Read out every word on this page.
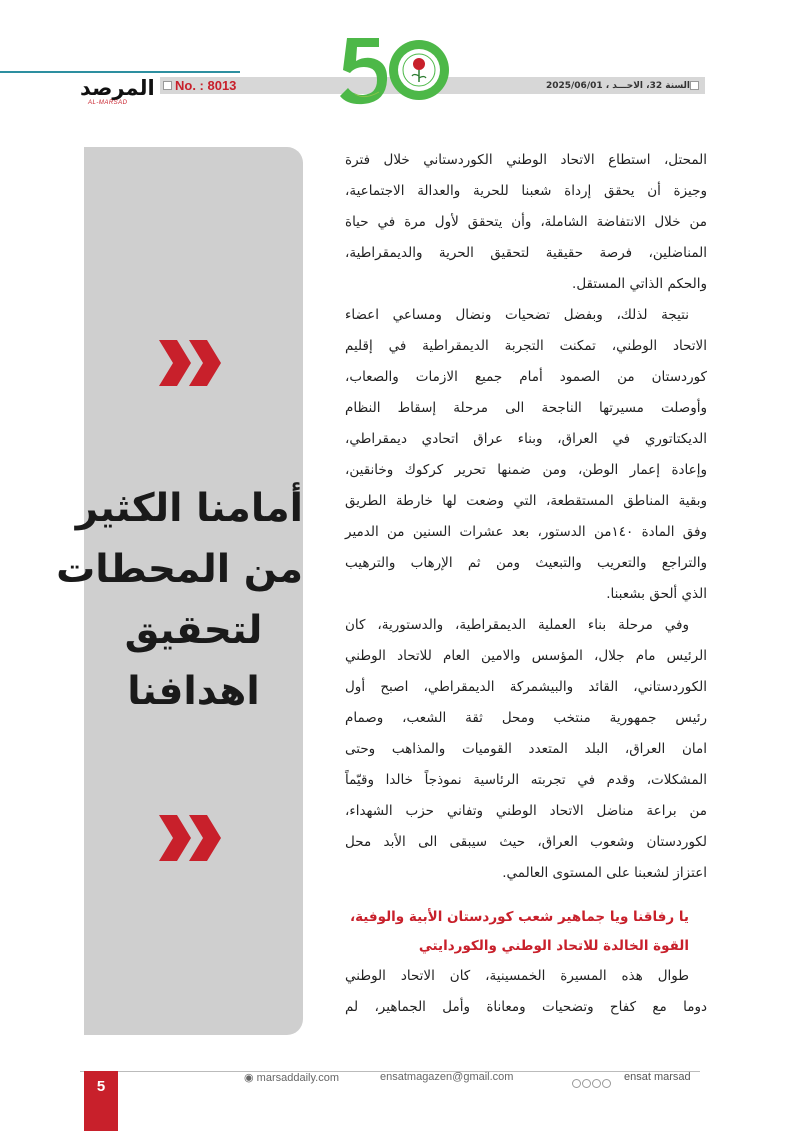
No. : 8013	السنة 32، الاحـــد ، 2025/06/01
المرصد
AL-MARSAD
أمامنا الكثير
من المحطات
لتحقيق
اهدافنا
المحتل، استطاع الاتحاد الوطني الكوردستاني خلال فترة
وجيزة أن يحقق إرداة شعبنا للحرية والعدالة الاجتماعية،
من خلال الانتفاضة الشاملة، وأن يتحقق لأول مرة في حياة
المناضلين، فرصة حقيقية لتحقيق الحرية والديمقراطية،
والحكم الذاتي المستقل.
نتيجة لذلك، وبفضل تضحيات ونضال ومساعي اعضاء
الاتحاد الوطني، تمكنت التجربة الديمقراطية في إقليم
كوردستان من الصمود أمام جميع الازمات والصعاب،
وأوصلت مسيرتها الناجحة الى مرحلة إسقاط النظام
الديكتاتوري في العراق، وبناء عراق اتحادي ديمقراطي،
وإعادة إعمار الوطن، ومن ضمنها تحرير كركوك وخانقين،
وبقية المناطق المستقطعة، التي وضعت لها خارطة الطريق
وفق المادة ١٤٠من الدستور، بعد عشرات السنين من الدمير
والتراجع والتعريب والتبعيث ومن ثم الإرهاب والترهيب
الذي ألحق بشعبنا.
وفي مرحلة بناء العملية الديمقراطية، والدستورية، كان
الرئيس مام جلال، المؤسس والامين العام للاتحاد الوطني
الكوردستاني، القائد والبيشمركة الديمقراطي، اصبح أول
رئيس جمهورية منتخب ومحل ثقة الشعب، وصمام
امان العراق، البلد المتعدد القوميات والمذاهب وحتى
المشكلات، وقدم في تجربته الرئاسية نموذجاً خالدا وقيّماً
من براعة مناضل الاتحاد الوطني وتفاني حزب الشهداء،
لكوردستان وشعوب العراق، حيث سيبقى الى الأبد محل
اعتزاز لشعبنا على المستوى العالمي.
يا رفاقنا ويا جماهير شعب كوردستان الأبية والوفية،
القوة الخالدة للاتحاد الوطني والكوردايتي
طوال هذه المسيرة الخمسينية، كان الاتحاد الوطني
دوما مع كفاح وتضحيات ومعاناة وأمل الجماهير، لم
5	◉ marsaddaily.com	ensatmagazen@gmail.com	ensat marsad
